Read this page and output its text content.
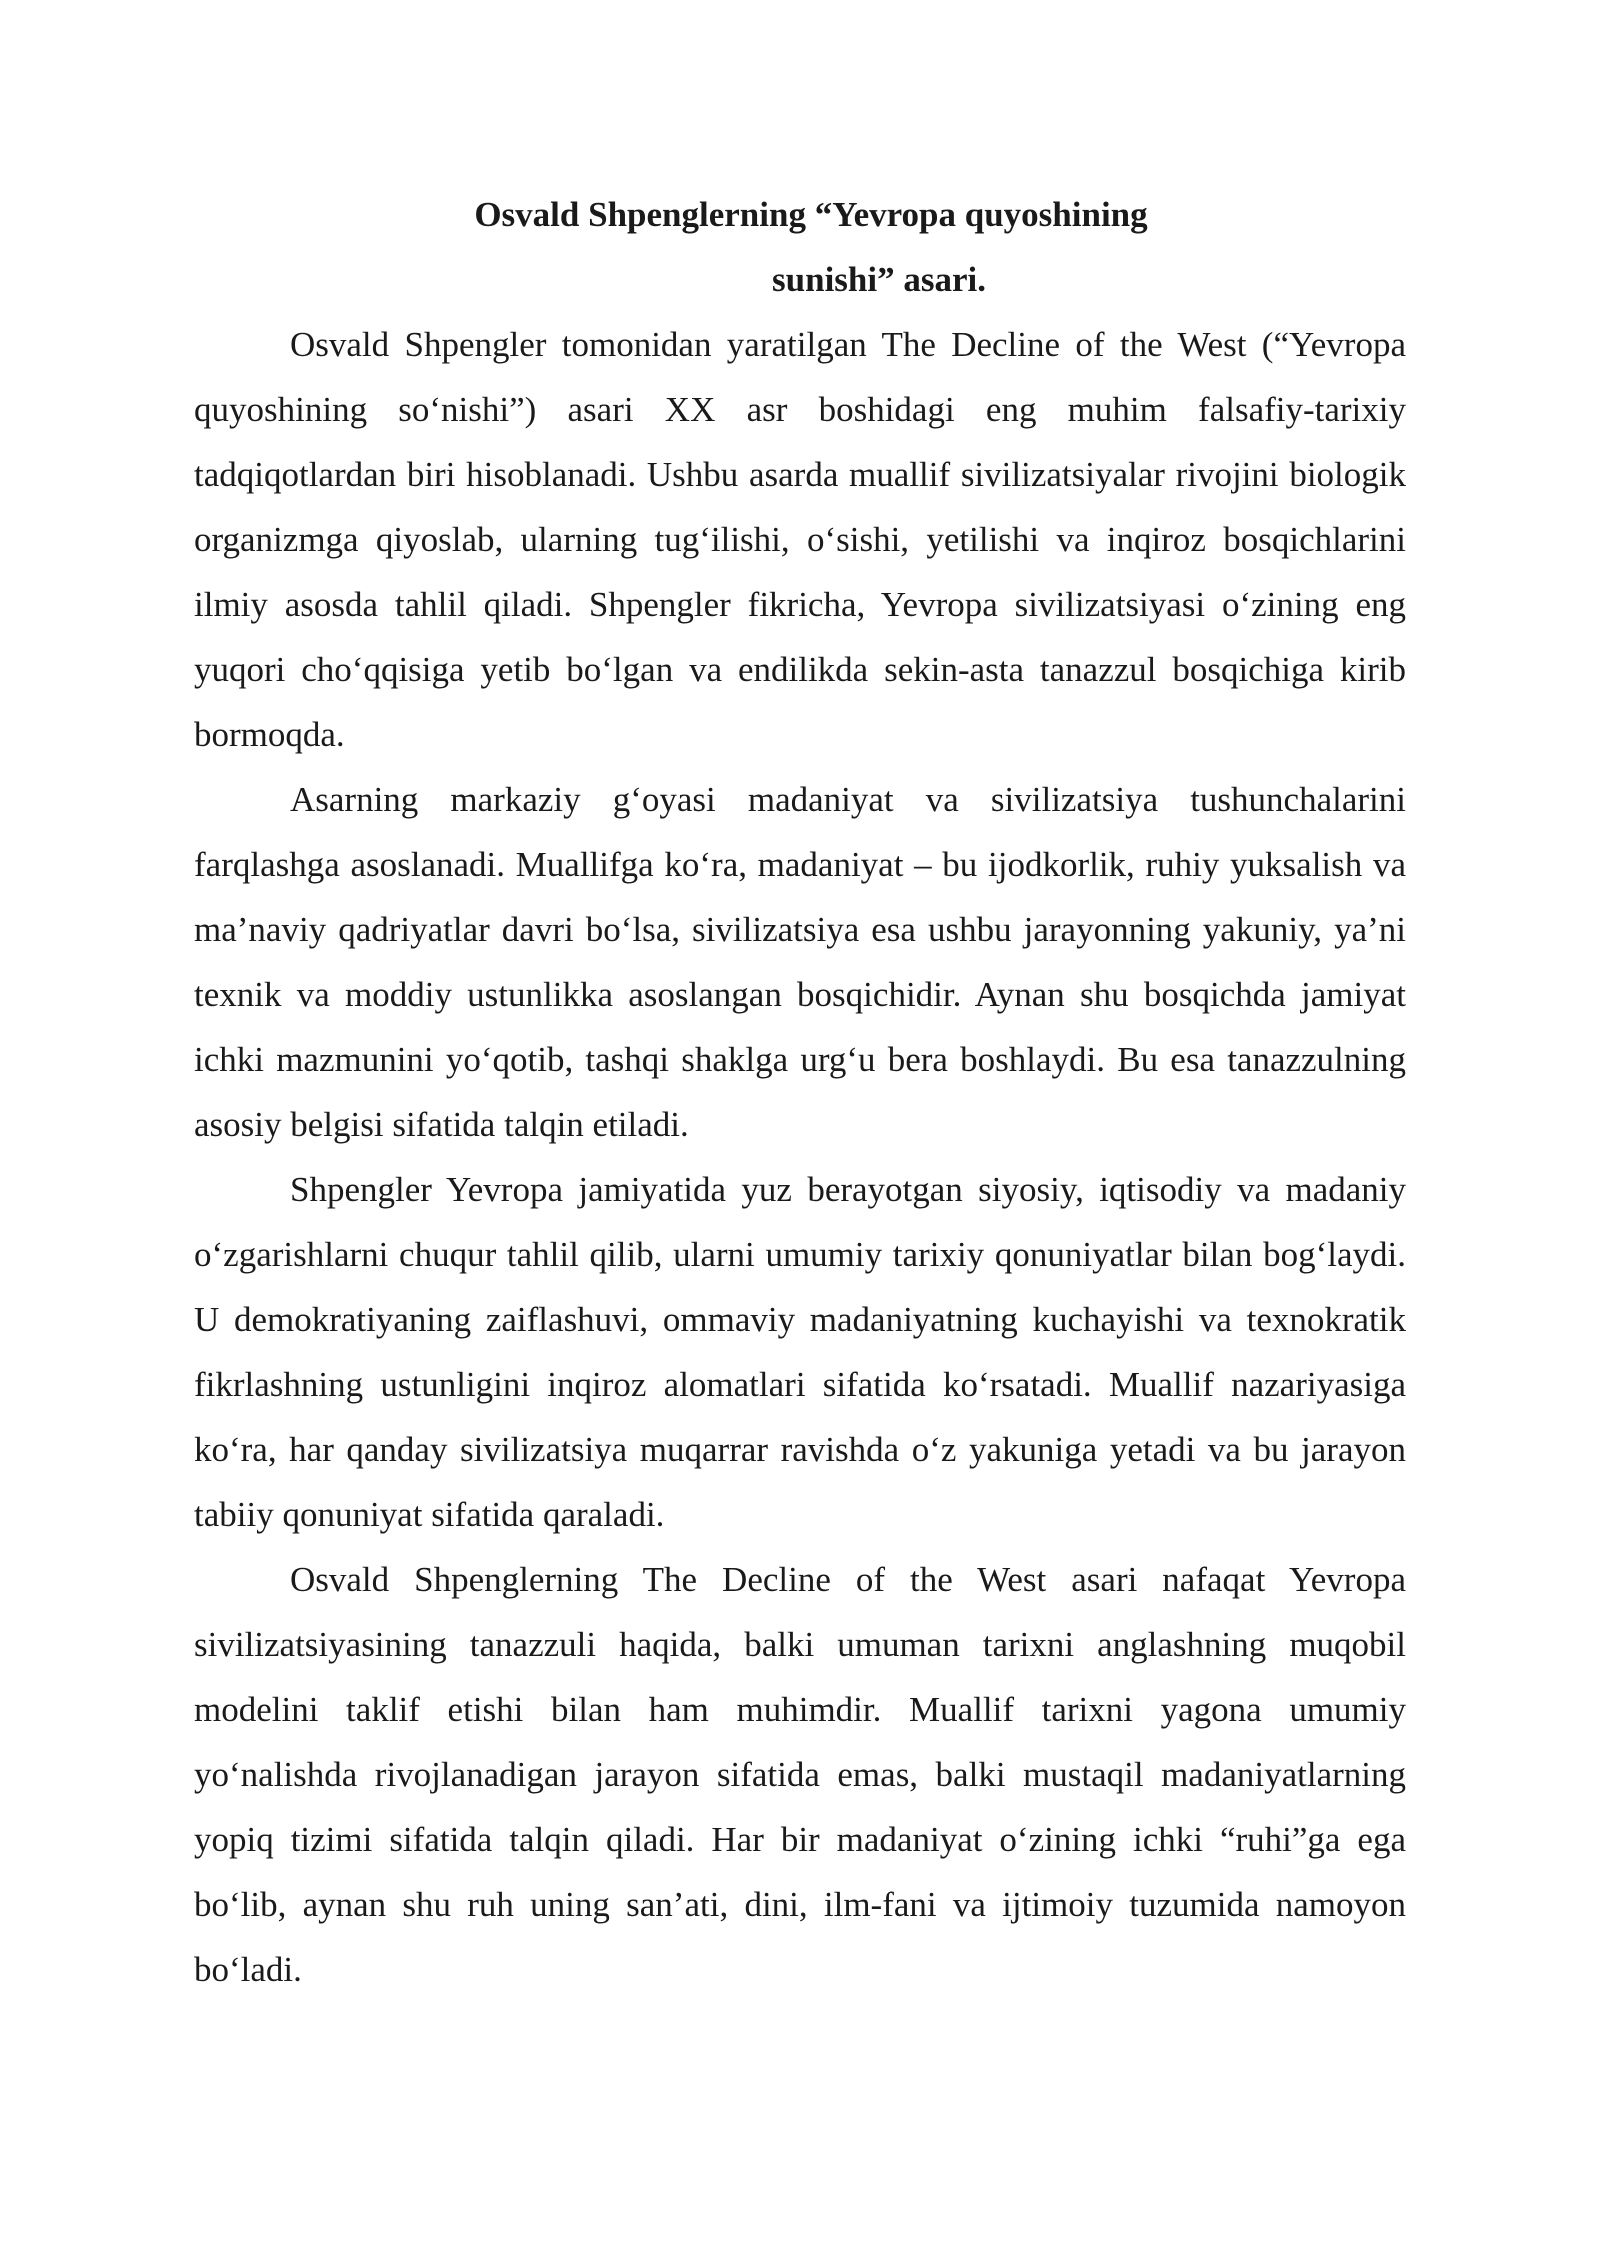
Osvald Shpenglerning “Yevropa quyoshining
sunishi” asari.

Osvald Shpengler tomonidan yaratilgan The Decline of the West (“Yevropa quyoshining so‘nishi”) asari XX asr boshidagi eng muhim falsafiy-tarixiy tadqiqotlardan biri hisoblanadi. Ushbu asarda muallif sivilizatsiyalar rivojini biologik organizmga qiyoslab, ularning tug‘ilishi, o‘sishi, yetilishi va inqiroz bosqichlarini ilmiy asosda tahlil qiladi. Shpengler fikricha, Yevropa sivilizatsiyasi o‘zining eng yuqori cho‘qqisiga yetib bo‘lgan va endilikda sekin-asta tanazzul bosqichiga kirib bormoqda.

Asarning markaziy g‘oyasi madaniyat va sivilizatsiya tushunchalarini farqlashga asoslanadi. Muallifga ko‘ra, madaniyat – bu ijodkorlik, ruhiy yuksalish va ma’naviy qadriyatlar davri bo‘lsa, sivilizatsiya esa ushbu jarayonning yakuniy, ya’ni texnik va moddiy ustunlikka asoslangan bosqichidir. Aynan shu bosqichda jamiyat ichki mazmunini yo‘qotib, tashqi shaklga urg‘u bera boshlaydi. Bu esa tanazzulning asosiy belgisi sifatida talqin etiladi.

Shpengler Yevropa jamiyatida yuz berayotgan siyosiy, iqtisodiy va madaniy o‘zgarishlarni chuqur tahlil qilib, ularni umumiy tarixiy qonuniyatlar bilan bog‘laydi. U demokratiyaning zaiflashuvi, ommaviy madaniyatning kuchayishi va texnokratik fikrlashning ustunligini inqiroz alomatlari sifatida ko‘rsatadi. Muallif nazariyasiga ko‘ra, har qanday sivilizatsiya muqarrar ravishda o‘z yakuniga yetadi va bu jarayon tabiiy qonuniyat sifatida qaraladi.

Osvald Shpenglerning The Decline of the West asari nafaqat Yevropa sivilizatsiyasining tanazzuli haqida, balki umuman tarixni anglashning muqobil modelini taklif etishi bilan ham muhimdir. Muallif tarixni yagona umumiy yo‘nalishda rivojlanadigan jarayon sifatida emas, balki mustaqil madaniyatlarning yopiq tizimi sifatida talqin qiladi. Har bir madaniyat o‘zining ichki “ruhi”ga ega bo‘lib, aynan shu ruh uning san’ati, dini, ilm-fani va ijtimoiy tuzumida namoyon bo‘ladi.
